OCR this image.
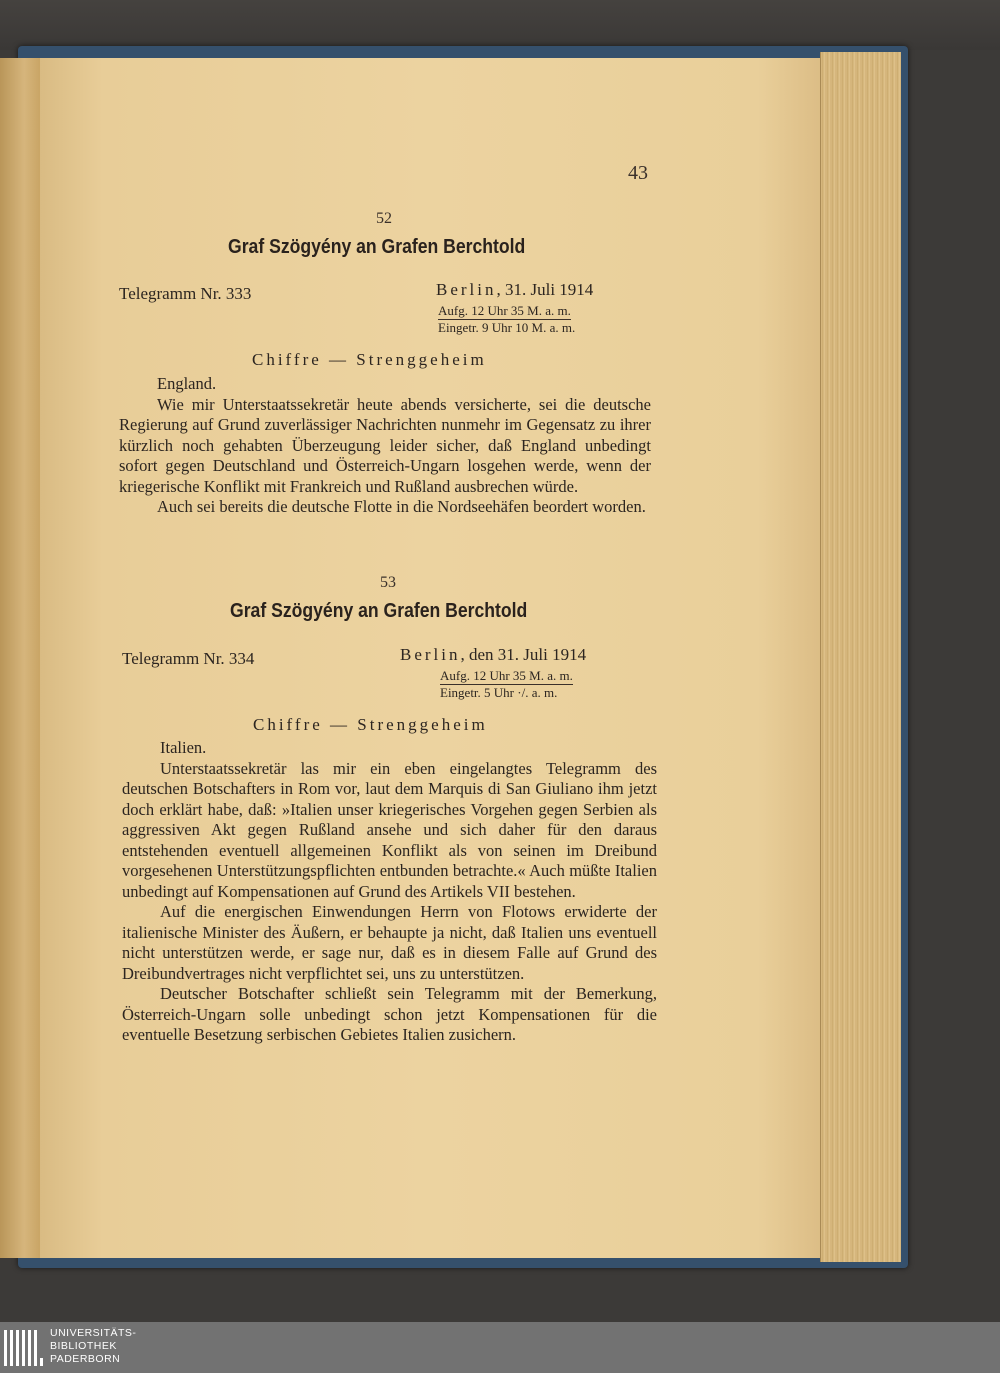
43
52
Graf Szögyény an Grafen Berchtold
Telegramm Nr. 333	Berlin, 31. Juli 1914
Aufg. 12 Uhr 35 M. a. m.
Eingetr. 9 Uhr 10 M. a. m.
Chiffre — Strenggeheim

England.

Wie mir Unterstaatssekretär heute abends versicherte, sei die deutsche Regierung auf Grund zuverlässiger Nachrichten nunmehr im Gegensatz zu ihrer kürzlich noch gehabten Überzeugung leider sicher, daß England unbedingt sofort gegen Deutschland und Österreich-Ungarn losgehen werde, wenn der kriegerische Konflikt mit Frankreich und Rußland ausbrechen würde.

Auch sei bereits die deutsche Flotte in die Nordseehäfen beordert worden.

53
Graf Szögyény an Grafen Berchtold
Telegramm Nr. 334	Berlin, den 31. Juli 1914
Aufg. 12 Uhr 35 M. a. m.
Eingetr. 5 Uhr ·/. a. m.
Chiffre — Strenggeheim

Italien.

Unterstaatssekretär las mir ein eben eingelangtes Telegramm des deutschen Botschafters in Rom vor, laut dem Marquis di San Giuliano ihm jetzt doch erklärt habe, daß: »Italien unser kriegerisches Vorgehen gegen Serbien als aggressiven Akt gegen Rußland ansehe und sich daher für den daraus entstehenden eventuell allgemeinen Konflikt als von seinen im Dreibund vorgesehenen Unterstützungspflichten entbunden betrachte.« Auch müßte Italien unbedingt auf Kompensationen auf Grund des Artikels VII bestehen.

Auf die energischen Einwendungen Herrn von Flotows erwiderte der italienische Minister des Äußern, er behaupte ja nicht, daß Italien uns eventuell nicht unterstützen werde, er sage nur, daß es in diesem Falle auf Grund des Dreibundvertrages nicht verpflichtet sei, uns zu unterstützen.

Deutscher Botschafter schließt sein Telegramm mit der Bemerkung, Österreich-Ungarn solle unbedingt schon jetzt Kompensationen für die eventuelle Besetzung serbischen Gebietes Italien zusichern.

UNIVERSITÄTS-
BIBLIOTHEK
PADERBORN
